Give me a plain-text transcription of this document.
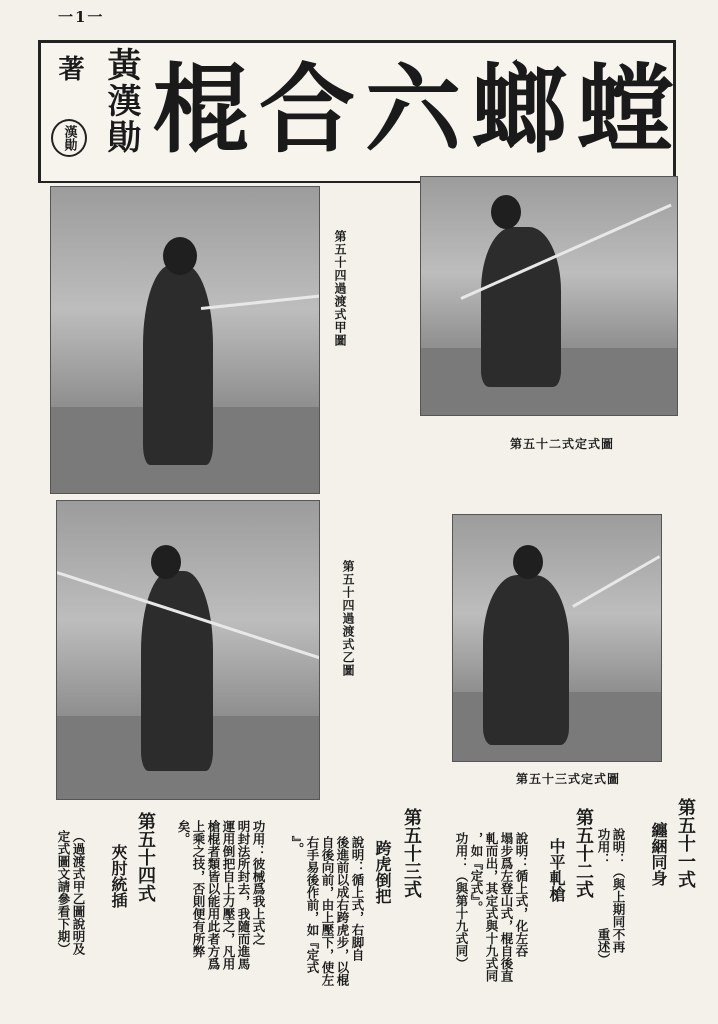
一1一
著
漢勛 黃漢勛	螳
螂
六
合
棍
第五十四過渡式甲圖
第五十二式定式圖
第五十四過渡式乙圖
第五十三式定式圖
第五十一式
纏綑同身
說明：（與上期同不再
功用：　　　　　重述）
第五十二式
中平軋槍
說明：循上式，化左吞
塌步爲左登山式，棍自後直
軋而出，其定式與十九式同
，如『定式』。
功用：（與第十九式同）
第五十三式
跨虎倒把
說明：循上式，右脚自
後進前以成右跨虎步，以棍
自後向前，由上壓下，使左
右手易後作前，如『定式
』。
功用：彼械爲我上式之
明封法所封去，我隨而進馬
運用倒把自上力壓之，凡用
槍棍者類皆以能用此者方爲
上乘之技，否則便有所弊
矣。
第五十四式
夾肘統插
（過渡式甲乙圖說明及
定式圖文請參看下期）
